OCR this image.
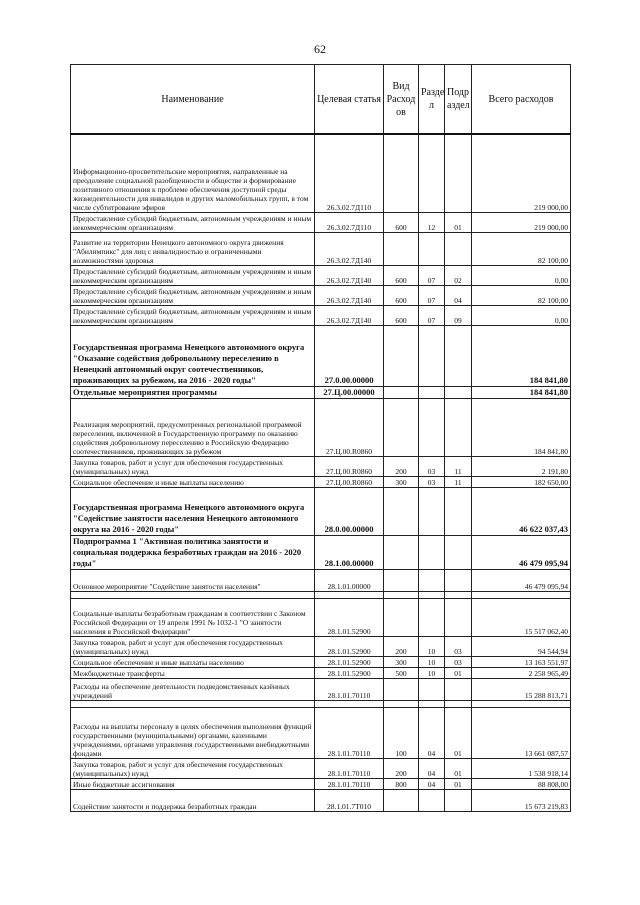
62
Наименование	Целевая статья	Вид Расход ов	Разде л	Подр аздел	Всего расходов
Информационно-просветительские мероприятия, направленные на преодоление социальной разобщенности в обществе и формирование позитивного отношения к проблеме обеспечения доступной среды жизнедеятельности для инвалидов и других маломобильных групп, в том числе субтитрование эфиров	26.3.02.7Д110				219 000,00
Предоставление субсидий бюджетным, автономным учреждениям и иным некоммерческим организациям	26.3.02.7Д110	600	12	01	219 000,00
Развитие на территории Ненецкого автономного округа движения "Абилимпикс" для лиц с инвалидностью и ограниченными возможностями здоровья	26.3.02.7Д140				82 100,00
Предоставление субсидий бюджетным, автономным учреждениям и иным некоммерческим организациям	26.3.02.7Д140	600	07	02	0,00
Предоставление субсидий бюджетным, автономным учреждениям и иным некоммерческим организациям	26.3.02.7Д140	600	07	04	82 100,00
Предоставление субсидий бюджетным, автономным учреждениям и иным некоммерческим организациям	26.3.02.7Д140	600	07	09	0,00
Государственная программа Ненецкого автономного округа "Оказание содействия добровольному переселению в Ненецкий автономный округ соотечественников, проживающих за рубежом, на 2016 - 2020 годы"	27.0.00.00000				184 841,80
Отдельные мероприятия программы	27.Ц.00.00000				184 841,80
Реализация мероприятий, предусмотренных региональной программой переселения, включенной в Государственную программу по оказанию содействия добровольному переселению в Российскую Федерацию соотечественников, проживающих за рубежом	27.Ц.00.R0860				184 841,80
Закупка товаров, работ и услуг для обеспечения государственных (муниципальных) нужд	27.Ц.00.R0860	200	03	11	2 191,80
Социальное обеспечение и иные выплаты населению	27.Ц.00.R0860	300	03	11	182 650,00
Государственная программа Ненецкого автономного округа "Содействие занятости населения Ненецкого автономного округа на 2016 - 2020 годы"	28.0.00.00000				46 622 037,43
Подпрограмма 1 "Активная политика занятости и социальная поддержка безработных граждан на 2016 - 2020 годы"	28.1.00.00000				46 479 095,94
Основное мероприятие "Содействие занятости населения"	28.1.01.00000				46 479 095,94

Социальные выплаты безработным гражданам в соответствии с Законом Российской Федерации от 19 апреля 1991 № 1032-1 "О занятости населения в Российской Федерации"	28.1.01.52900				15 517 062,40
Закупка товаров, работ и услуг для обеспечения государственных (муниципальных) нужд	28.1.01.52900	200	10	03	94 544,94
Социальное обеспечение и иные выплаты населению	28.1.01.52900	300	10	03	13 163 551,97
Межбюджетные трансферты	28.1.01.52900	500	10	01	2 258 965,49
Расходы на обеспечение деятельности подведомственных казённых учреждений	28.1.01.70110				15 288 813,71

Расходы на выплаты персоналу в целях обеспечения выполнения функций государственными (муниципальными) органами, казенными учреждениями, органами управления государственными внебюджетными фондами	28.1.01.70110	100	04	01	13 661 087,57
Закупка товаров, работ и услуг для обеспечения государственных (муниципальных) нужд	28.1.01.70110	200	04	01	1 538 918,14
Иные бюджетные ассигнования	28.1.01.70110	800	04	01	88 808,00
Содействие занятости и поддержка безработных граждан	28.1.01.7Т010				15 673 219,83
